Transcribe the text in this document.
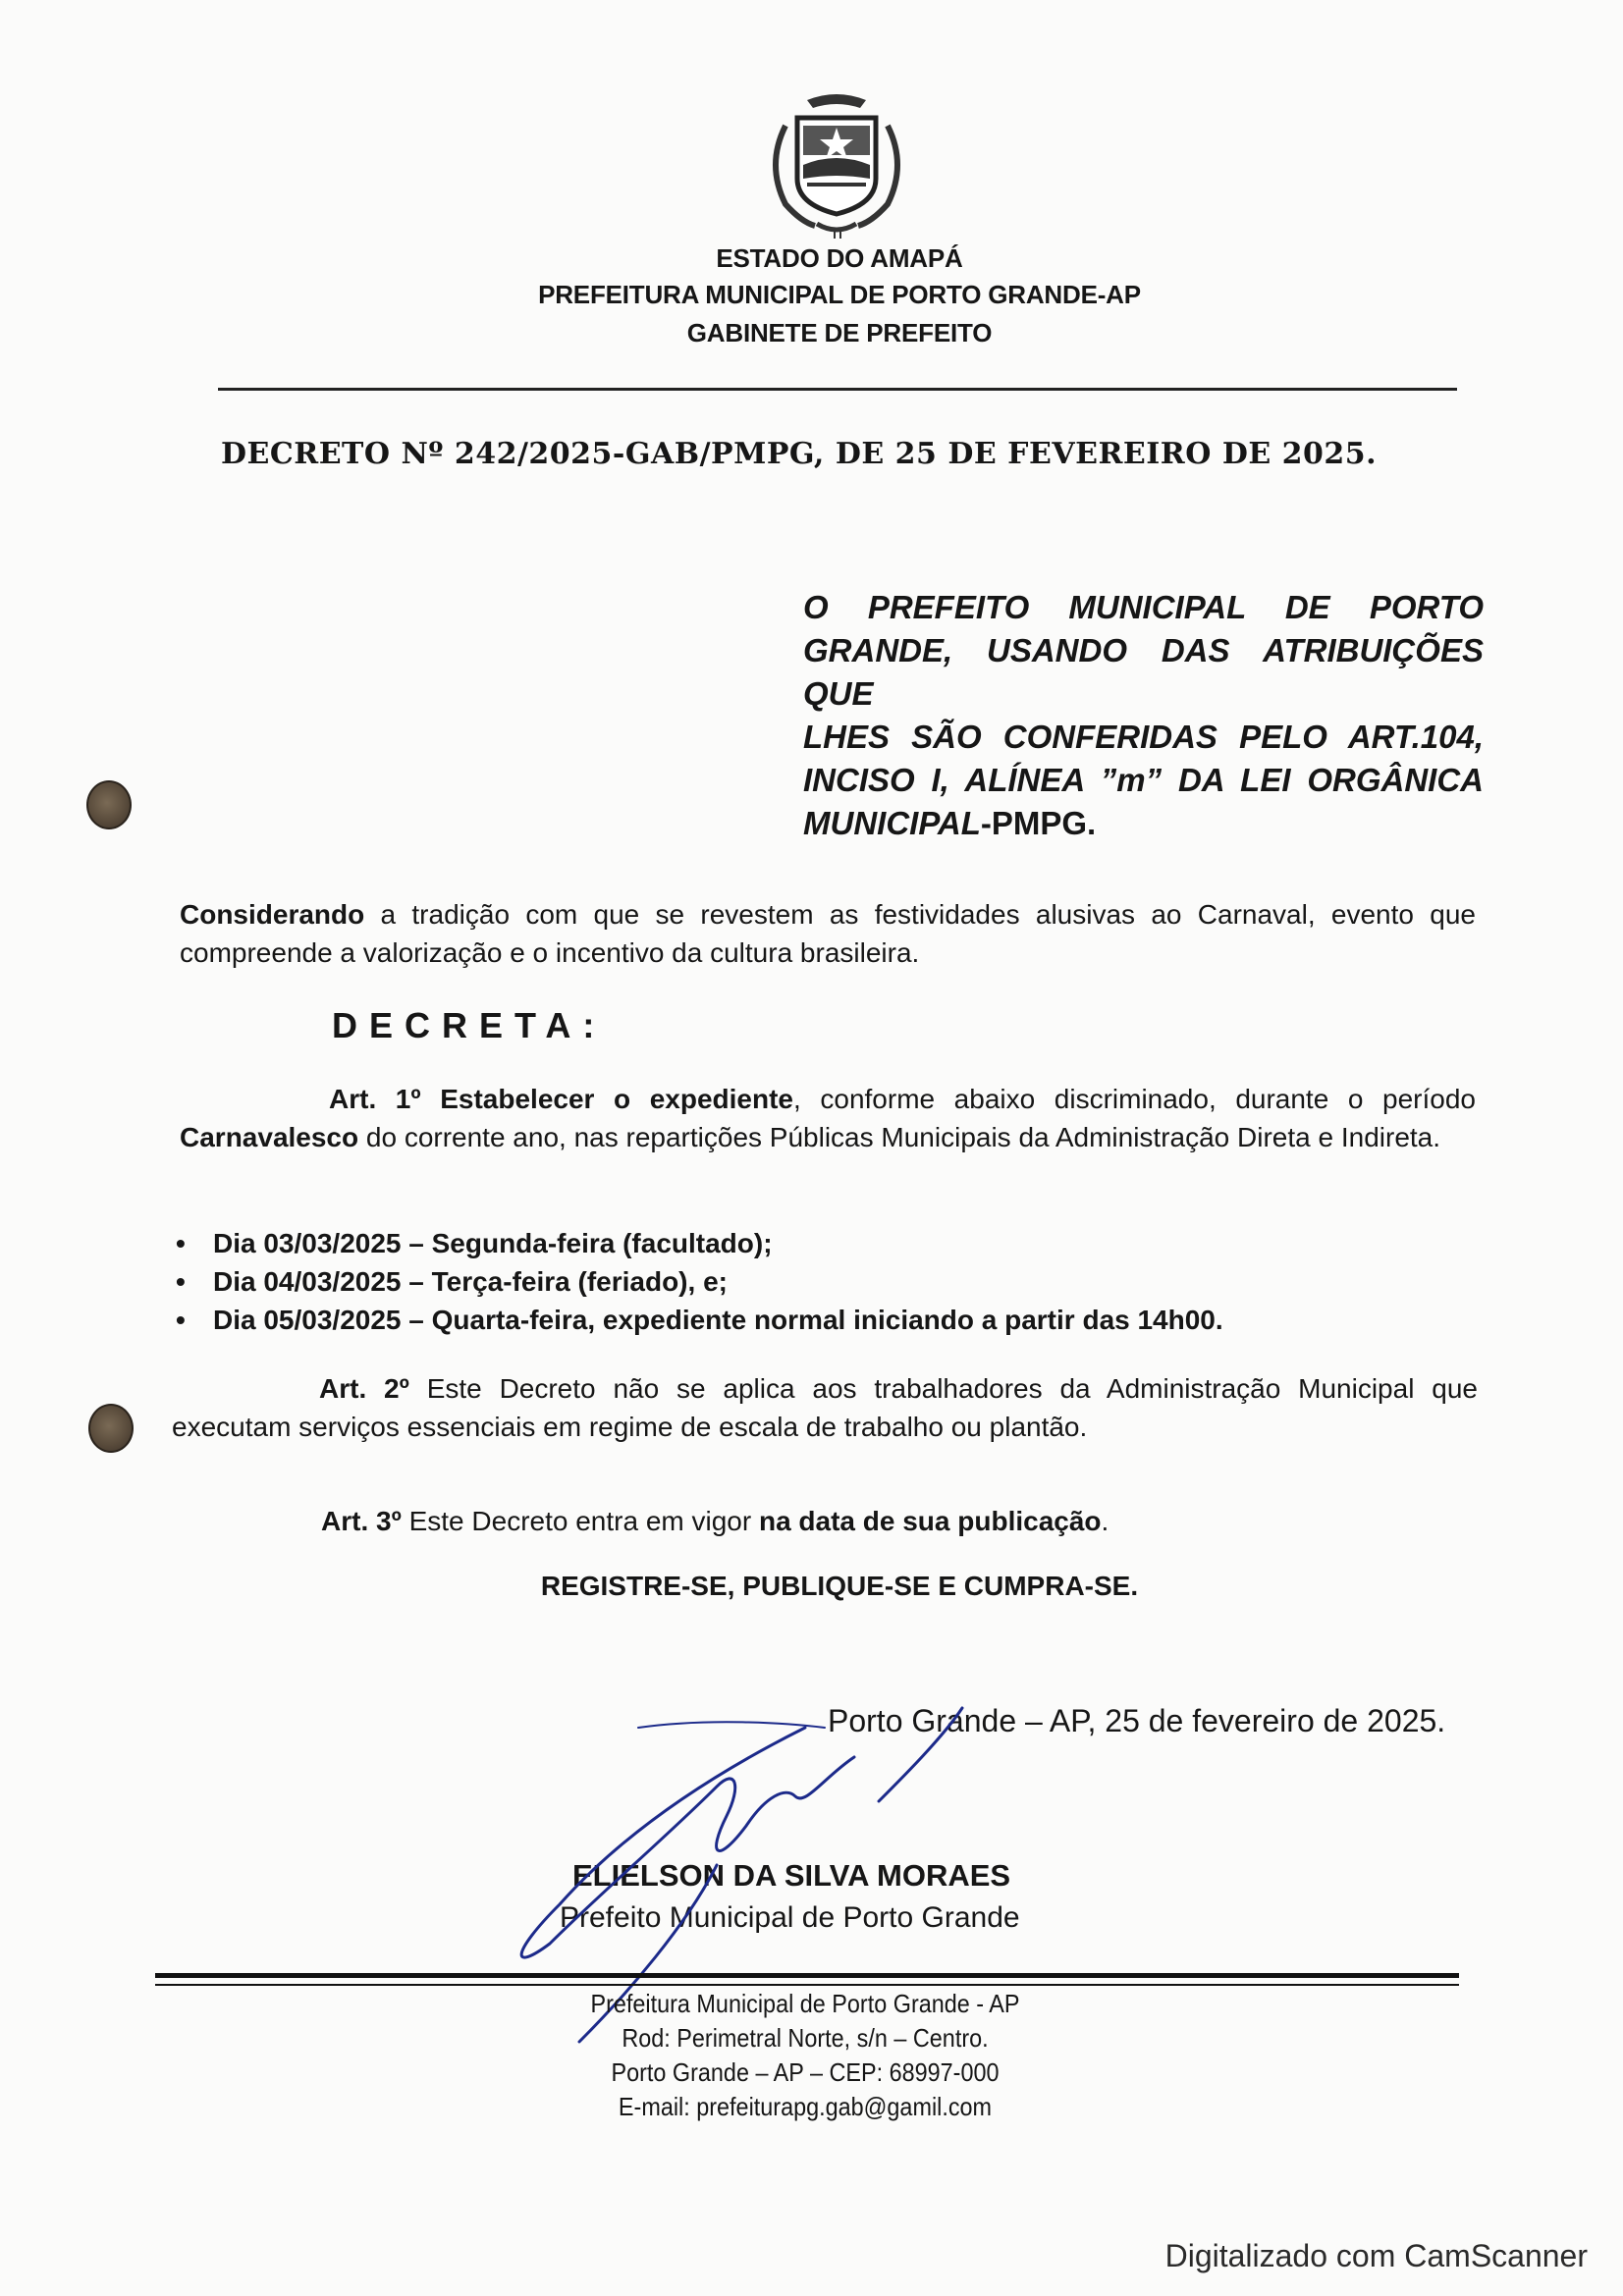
ESTADO DO AMAPÁ
PREFEITURA MUNICIPAL DE PORTO GRANDE-AP
GABINETE DE PREFEITO
DECRETO Nº 242/2025-GAB/PMPG, DE 25 DE FEVEREIRO DE 2025.
O PREFEITO MUNICIPAL DE PORTO
GRANDE, USANDO DAS ATRIBUIÇÕES QUE
LHES SÃO CONFERIDAS PELO ART.104,
INCISO I, ALÍNEA ”m” DA LEI ORGÂNICA
MUNICIPAL-PMPG.
Considerando a tradição com que se revestem as festividades alusivas ao Carnaval, evento que compreende a valorização e o incentivo da cultura brasileira.
DECRETA:
Art. 1º Estabelecer o expediente, conforme abaixo discriminado, durante o período Carnavalesco do corrente ano, nas repartições Públicas Municipais da Administração Direta e Indireta.
• Dia 03/03/2025 – Segunda-feira (facultado);
• Dia 04/03/2025 – Terça-feira (feriado), e;
• Dia 05/03/2025 – Quarta-feira, expediente normal iniciando a partir das 14h00.
Art. 2º Este Decreto não se aplica aos trabalhadores da Administração Municipal que executam serviços essenciais em regime de escala de trabalho ou plantão.
Art. 3º Este Decreto entra em vigor na data de sua publicação.
REGISTRE-SE, PUBLIQUE-SE E CUMPRA-SE.
Porto Grande – AP, 25 de fevereiro de 2025.
ELIELSON DA SILVA MORAES
Prefeito Municipal de Porto Grande
Prefeitura Municipal de Porto Grande - AP
Rod: Perimetral Norte, s/n – Centro.
Porto Grande – AP – CEP: 68997-000
E-mail: prefeiturapg.gab@gamil.com
Digitalizado com CamScanner
